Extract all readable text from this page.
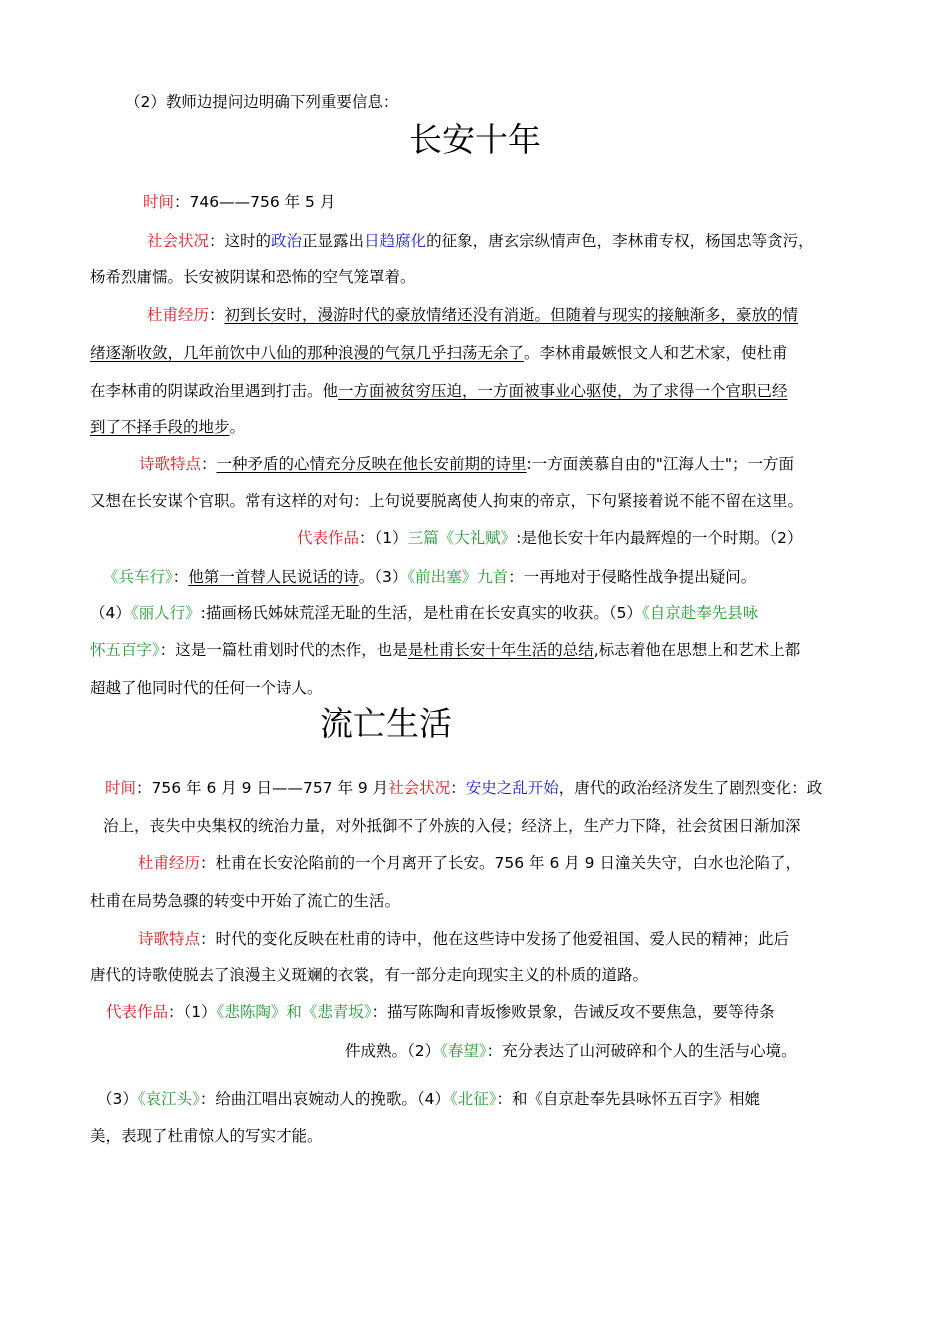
（2）教师边提问边明确下列重要信息：
长安十年
时间：746——756 年 5 月
社会状况：这时的政治正显露出日趋腐化的征象，唐玄宗纵情声色，李林甫专权，杨国忠等贪污，
杨希烈庸懦。长安被阴谋和恐怖的空气笼罩着。
杜甫经历：初到长安时，漫游时代的豪放情绪还没有消逝。但随着与现实的接触渐多，豪放的情
绪逐渐收敛，几年前饮中八仙的那种浪漫的气氛几乎扫荡无余了。李林甫最嫉恨文人和艺术家，使杜甫
在李林甫的阴谋政治里遇到打击。他一方面被贫穷压迫，一方面被事业心驱使，为了求得一个官职已经
到了不择手段的地步。
诗歌特点：一种矛盾的心情充分反映在他长安前期的诗里:一方面羡慕自由的"江海人士"；一方面
又想在长安谋个官职。常有这样的对句：上句说要脱离使人拘束的帝京，下句紧接着说不能不留在这里。
代表作品：（1）三篇《大礼赋》:是他长安十年内最辉煌的一个时期。（2）
《兵车行》：他第一首替人民说话的诗。（3）《前出塞》九首：一再地对于侵略性战争提出疑问。
（4）《丽人行》:描画杨氏姊妹荒淫无耻的生活，是杜甫在长安真实的收获。（5）《自京赴奉先县咏
怀五百字》：这是一篇杜甫划时代的杰作，也是是杜甫长安十年生活的总结,标志着他在思想上和艺术上都
超越了他同时代的任何一个诗人。
流亡生活
时间：756 年 6 月 9 日——757 年 9 月社会状况：安史之乱开始，唐代的政治经济发生了剧烈变化：政
治上，丧失中央集权的统治力量，对外抵御不了外族的入侵；经济上，生产力下降，社会贫困日渐加深
杜甫经历：杜甫在长安沦陷前的一个月离开了长安。756 年 6 月 9 日潼关失守，白水也沦陷了，
杜甫在局势急骤的转变中开始了流亡的生活。
诗歌特点：时代的变化反映在杜甫的诗中，他在这些诗中发扬了他爱祖国、爱人民的精神；此后
唐代的诗歌使脱去了浪漫主义斑斓的衣裳，有一部分走向现实主义的朴质的道路。
代表作品：（1）《悲陈陶》和《悲青坂》：描写陈陶和青坂惨败景象，告诫反攻不要焦急，要等待条
件成熟。（2）《春望》：充分表达了山河破碎和个人的生活与心境。
（3）《哀江头》：给曲江唱出哀婉动人的挽歌。（4）《北征》：和《自京赴奉先县咏怀五百字》相媲
美，表现了杜甫惊人的写实才能。
